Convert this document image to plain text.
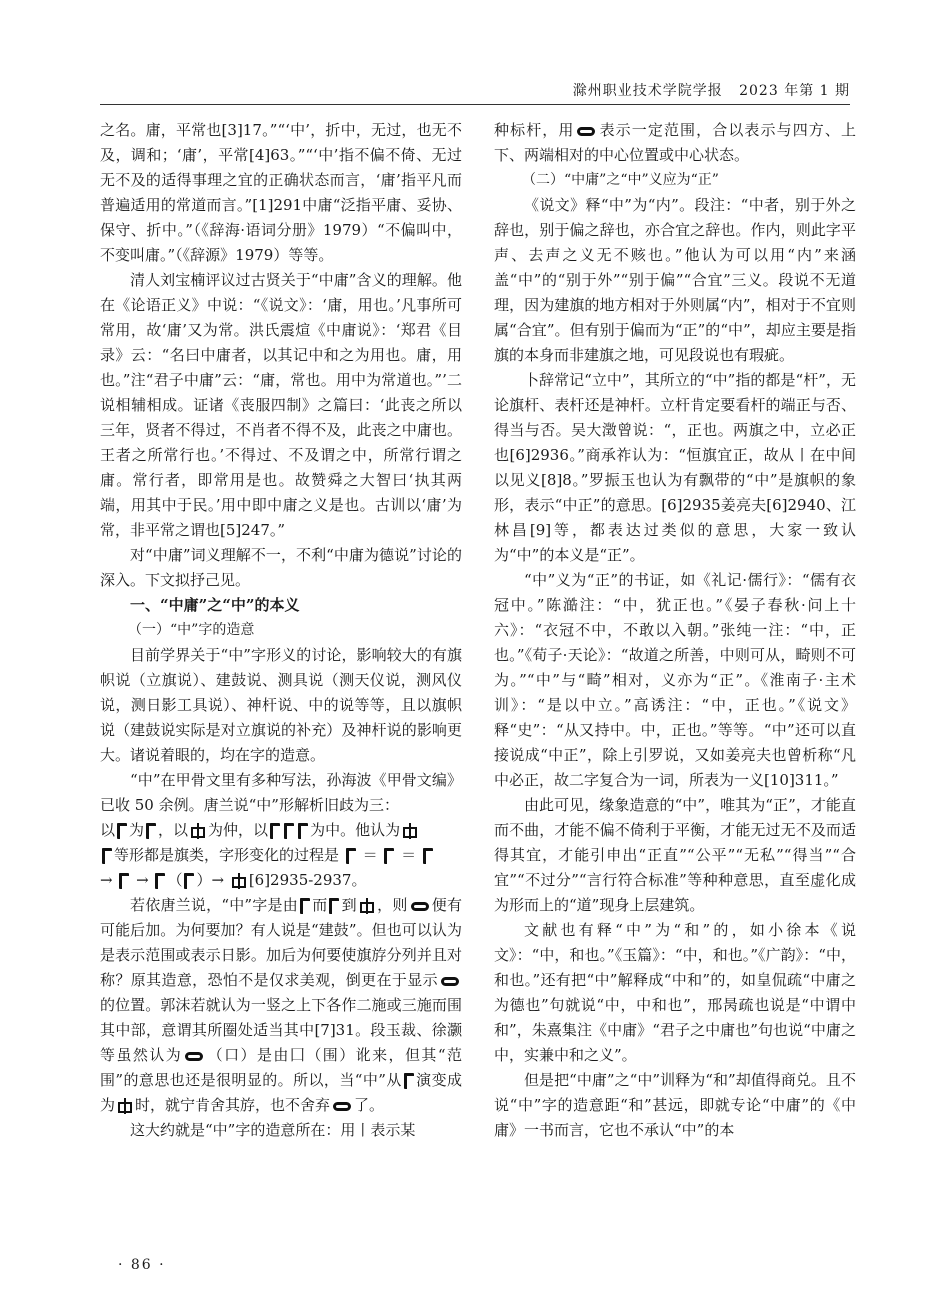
滁州职业技术学院学报 2023 年第 1 期

之名。庸，平常也[3]17。”“‘中’，折中，无过，也无不及，调和；‘庸’，平常[4]63。”“‘中’指不偏不倚、无过无不及的适得事理之宜的正确状态而言，‘庸’指平凡而普遍适用的常道而言。”[1]291中庸“泛指平庸、妥协、保守、折中。”（《辞海·语词分册》1979）“不偏叫中，不变叫庸。”（《辞源》1979）等等。

清人刘宝楠评议过古贤关于“中庸”含义的理解。他在《论语正义》中说：“《说文》：‘庸，用也。’凡事所可常用，故‘庸’又为常。洪氏震煊《中庸说》：‘郑君《目录》云：“名曰中庸者，以其记中和之为用也。庸，用也。”注“君子中庸”云：“庸，常也。用中为常道也。”’二说相辅相成。证诸《丧服四制》之篇曰：‘此丧之所以三年，贤者不得过，不肖者不得不及，此丧之中庸也。王者之所常行也。’不得过、不及谓之中，所常行谓之庸。常行者，即常用是也。故赞舜之大智曰‘执其两端，用其中于民。’用中即中庸之义是也。古训以‘庸’为常，非平常之谓也[5]247。”

对“中庸”词义理解不一，不利“中庸为德说”讨论的深入。下文拟抒己见。

一、“中庸”之“中”的本义
（一）“中”字的造意

目前学界关于“中”字形义的讨论，影响较大的有旗帜说（立旗说）、建鼓说、测具说（测天仪说，测风仪说，测日影工具说）、神杆说、中的说等等，且以旗帜说（建鼓说实际是对立旗说的补充）及神杆说的影响更大。诸说着眼的，均在字的造意。

“中”在甲骨文里有多种写法，孙海波《甲骨文编》已收 50 余例。唐兰说“中”形解析旧歧为三：

以 为 ，以 为仲，以	为中。他认为

等形都是旗类，字形变化的过程是  ＝  ＝

→  → （ ）→ [6]2935-2937。

若依唐兰说，“中”字是由 而 到 ，则 便有可能后加。为何要加？有人说是“建鼓”。但也可以认为是表示范围或表示日影。加后为何要使旗斿分列并且对称？原其造意，恐怕不是仅求美观，倒更在于显示的位置。郭沫若就认为一竖之上下各作二施或三施而围其中部，意谓其所圈处适当其中[7]31。段玉裁、徐灏等虽然认为 （口）是由囗（围）讹来，但其“范围”的意思也还是很明显的。所以，当“中”从 演变成为 时，就宁肯舍其斿，也不舍弃 了。

这大约就是“中”字的造意所在：用丨表示某

种标杆，用 表示一定范围，合以表示与四方、上下、两端相对的中心位置或中心状态。

（二）“中庸”之“中”义应为“正”

《说文》释“中”为“内”。段注：“中者，别于外之辞也，别于偏之辞也，亦合宜之辞也。作内，则此字平声、去声之义无不赅也。”他认为可以用“内”来涵盖“中”的“别于外”“别于偏”“合宜”三义。段说不无道理，因为建旗的地方相对于外则属“内”，相对于不宜则属“合宜”。但有别于偏而为“正”的“中”，却应主要是指旗的本身而非建旗之地，可见段说也有瑕疵。

卜辞常记“立中”，其所立的“中”指的都是“杆”，无论旗杆、表杆还是神杆。立杆肯定要看杆的端正与否、得当与否。吴大澂曾说：“，正也。两旗之中，立必正也[6]2936。”商承祚认为：“恒旗宜正，故从丨在中间以见义[8]8。”罗振玉也认为有飘带的“中”是旗帜的象形，表示“中正”的意思。[6]2935姜亮夫[6]2940、江林昌[9]等，都表达过类似的意思，大家一致认为“中”的本义是“正”。

“中”义为“正”的书证，如《礼记·儒行》：“儒有衣冠中。”陈澔注：“中，犹正也。”《晏子春秋·问上十六》：“衣冠不中，不敢以入朝。”张纯一注：“中，正也。”《荀子·天论》：“故道之所善，中则可从，畸则不可为。”“中”与“畸”相对，义亦为“正”。《淮南子·主术训》：“是以中立。”高诱注：“中，正也。”《说文》释“史”：“从又持中。中，正也。”等等。“中”还可以直接说成“中正”，除上引罗说，又如姜亮夫也曾析称“凡中必正，故二字复合为一词，所表为一义[10]311。”

由此可见，缘象造意的“中”，唯其为“正”，才能直而不曲，才能不偏不倚利于平衡，才能无过无不及而适得其宜，才能引申出“正直”“公平”“无私”“得当”“合宜”“不过分”“言行符合标准”等种种意思，直至虚化成为形而上的“道”现身上层建筑。

文献也有释“中”为“和”的，如小徐本《说文》：“中，和也。”《玉篇》：“中，和也。”《广韵》：“中，和也。”还有把“中”解释成“中和”的，如皇侃疏“中庸之为德也”句就说“中，中和也”，邢昺疏也说是“中谓中和”，朱熹集注《中庸》“君子之中庸也”句也说“中庸之中，实兼中和之义”。

但是把“中庸”之“中”训释为“和”却值得商兑。且不说“中”字的造意距“和”甚远，即就专论“中庸”的《中庸》一书而言，它也不承认“中”的本

· 86 ·
